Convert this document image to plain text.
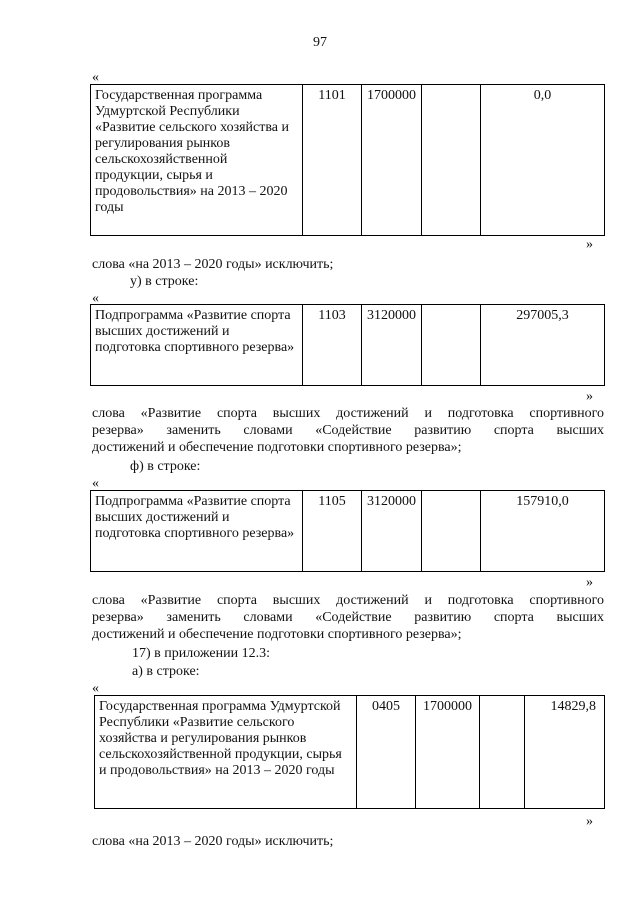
97
«
Государственная программа Удмуртской Республики «Развитие сельского хозяйства и регулирования рынков сельскохозяйственной продукции, сырья и продовольствия» на 2013 – 2020 годы	1101	1700000		0,0
»
слова «на 2013 – 2020 годы» исключить;
у) в строке:
«
Подпрограмма «Развитие спорта высших достижений и подготовка спортивного резерва»	1103	3120000		297005,3
»
слова «Развитие спорта высших достижений и подготовка спортивного
резерва» заменить словами «Содействие развитию спорта высших
достижений и обеспечение подготовки спортивного резерва»;
ф) в строке:
«
Подпрограмма «Развитие спорта высших достижений и подготовка спортивного резерва»	1105	3120000		157910,0
»
слова «Развитие спорта высших достижений и подготовка спортивного
резерва» заменить словами «Содействие развитию спорта высших
достижений и обеспечение подготовки спортивного резерва»;
17) в приложении 12.3:
а) в строке:
«
Государственная программа Удмуртской Республики «Развитие сельского хозяйства и регулирования рынков сельскохозяйственной продукции, сырья и продовольствия» на 2013 – 2020 годы	0405	1700000		14829,8
»
слова «на 2013 – 2020 годы» исключить;
